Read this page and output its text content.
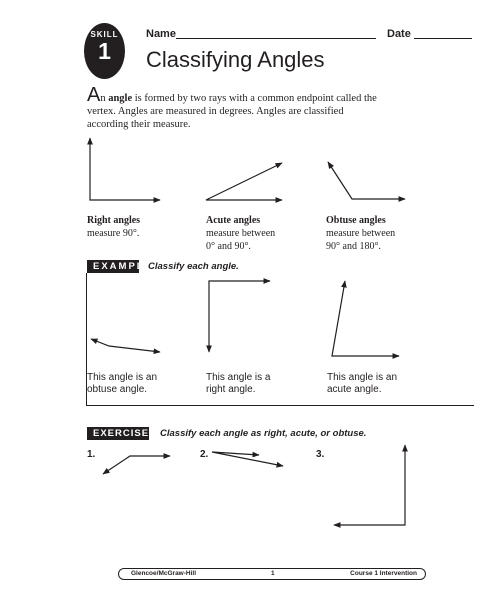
SKILL
1
Name	Date
Classifying Angles
An angle is formed by two rays with a common endpoint called the vertex. Angles are measured in degrees. Angles are classified according their measure.
Right angles
measure 90°.
Acute angles
measure between
0° and 90°.
Obtuse angles
measure between
90° and 180°.
EXAMPLE
Classify each angle.
This angle is an
obtuse angle.
This angle is a
right angle.
This angle is an
acute angle.
EXERCISES Classify each angle as right, acute, or obtuse.
1.	2.	3.
Glencoe/McGraw-Hill	1	Course 1 Intervention
